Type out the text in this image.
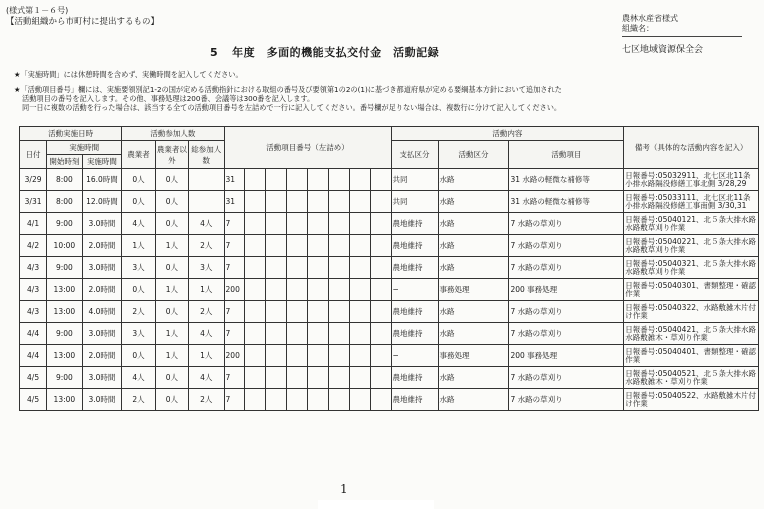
(様式第１－６号)
【活動組織から市町村に提出するもの】	農林水産省様式
組織名：
七区地域資源保全会
5 年度　多面的機能支払交付金　活動記録
★「実施時間」には休憩時間を含めず、実働時間を記入してください。
★「活動項目番号」欄には、実施要領別記1-2の国が定める活動指針における取組の番号及び要領第1の2の(1)に基づき都道府県が定める要綱基本方針において追加された
活動項目の番号を記入します。その他、事務処理は200番、会議等は300番を記入します。
同一日に複数の活動を行った場合は、該当する全ての活動項目番号を左詰めで一行に記入してください。番号欄が足りない場合は、複数行に分けて記入してください。
活動実施日時			活動参加人数			活動項目番号（左詰め）								活動内容			備考（具体的な活動内容を記入）
日付	実施時間		農業者	農業者以外	総参加人数									支払区分	活動区分	活動項目	
	開始時刻	実施時間															
3/29	8:00	16.0時間	0人	0人		31								共同	水路	31 水路の軽微な補修等	日報番号:05032911、北七区北11条小排水路隔没修繕工事北側 3/28,29
3/31	8:00	12.0時間	0人	0人		31								共同	水路	31 水路の軽微な補修等	日報番号:05033111、北七区北11条小排水路隔没修繕工事南側 3/30,31
4/1	9:00	3.0時間	4人	0人	4人	7								農地維持	水路	7 水路の草刈り	日報番号:05040121、北５条大排水路水路敷草刈り作業
4/2	10:00	2.0時間	1人	1人	2人	7								農地維持	水路	7 水路の草刈り	日報番号:05040221、北５条大排水路水路敷草刈り作業
4/3	9:00	3.0時間	3人	0人	3人	7								農地維持	水路	7 水路の草刈り	日報番号:05040321、北５条大排水路水路敷草刈り作業
4/3	13:00	2.0時間	0人	1人	1人	200								−	事務処理	200 事務処理	日報番号:05040301、書類整理・確認作業
4/3	13:00	4.0時間	2人	0人	2人	7								農地維持	水路	7 水路の草刈り	日報番号:05040322、水路敷雑木片付け作業
4/4	9:00	3.0時間	3人	1人	4人	7								農地維持	水路	7 水路の草刈り	日報番号:05040421、北５条大排水路水路敷雑木・草刈り作業
4/4	13:00	2.0時間	0人	1人	1人	200								−	事務処理	200 事務処理	日報番号:05040401、書類整理・確認作業
4/5	9:00	3.0時間	4人	0人	4人	7								農地維持	水路	7 水路の草刈り	日報番号:05040521、北５条大排水路水路敷雑木・草刈り作業
4/5	13:00	3.0時間	2人	0人	2人	7								農地維持	水路	7 水路の草刈り	日報番号:05040522、水路敷雑木片付け作業
1
